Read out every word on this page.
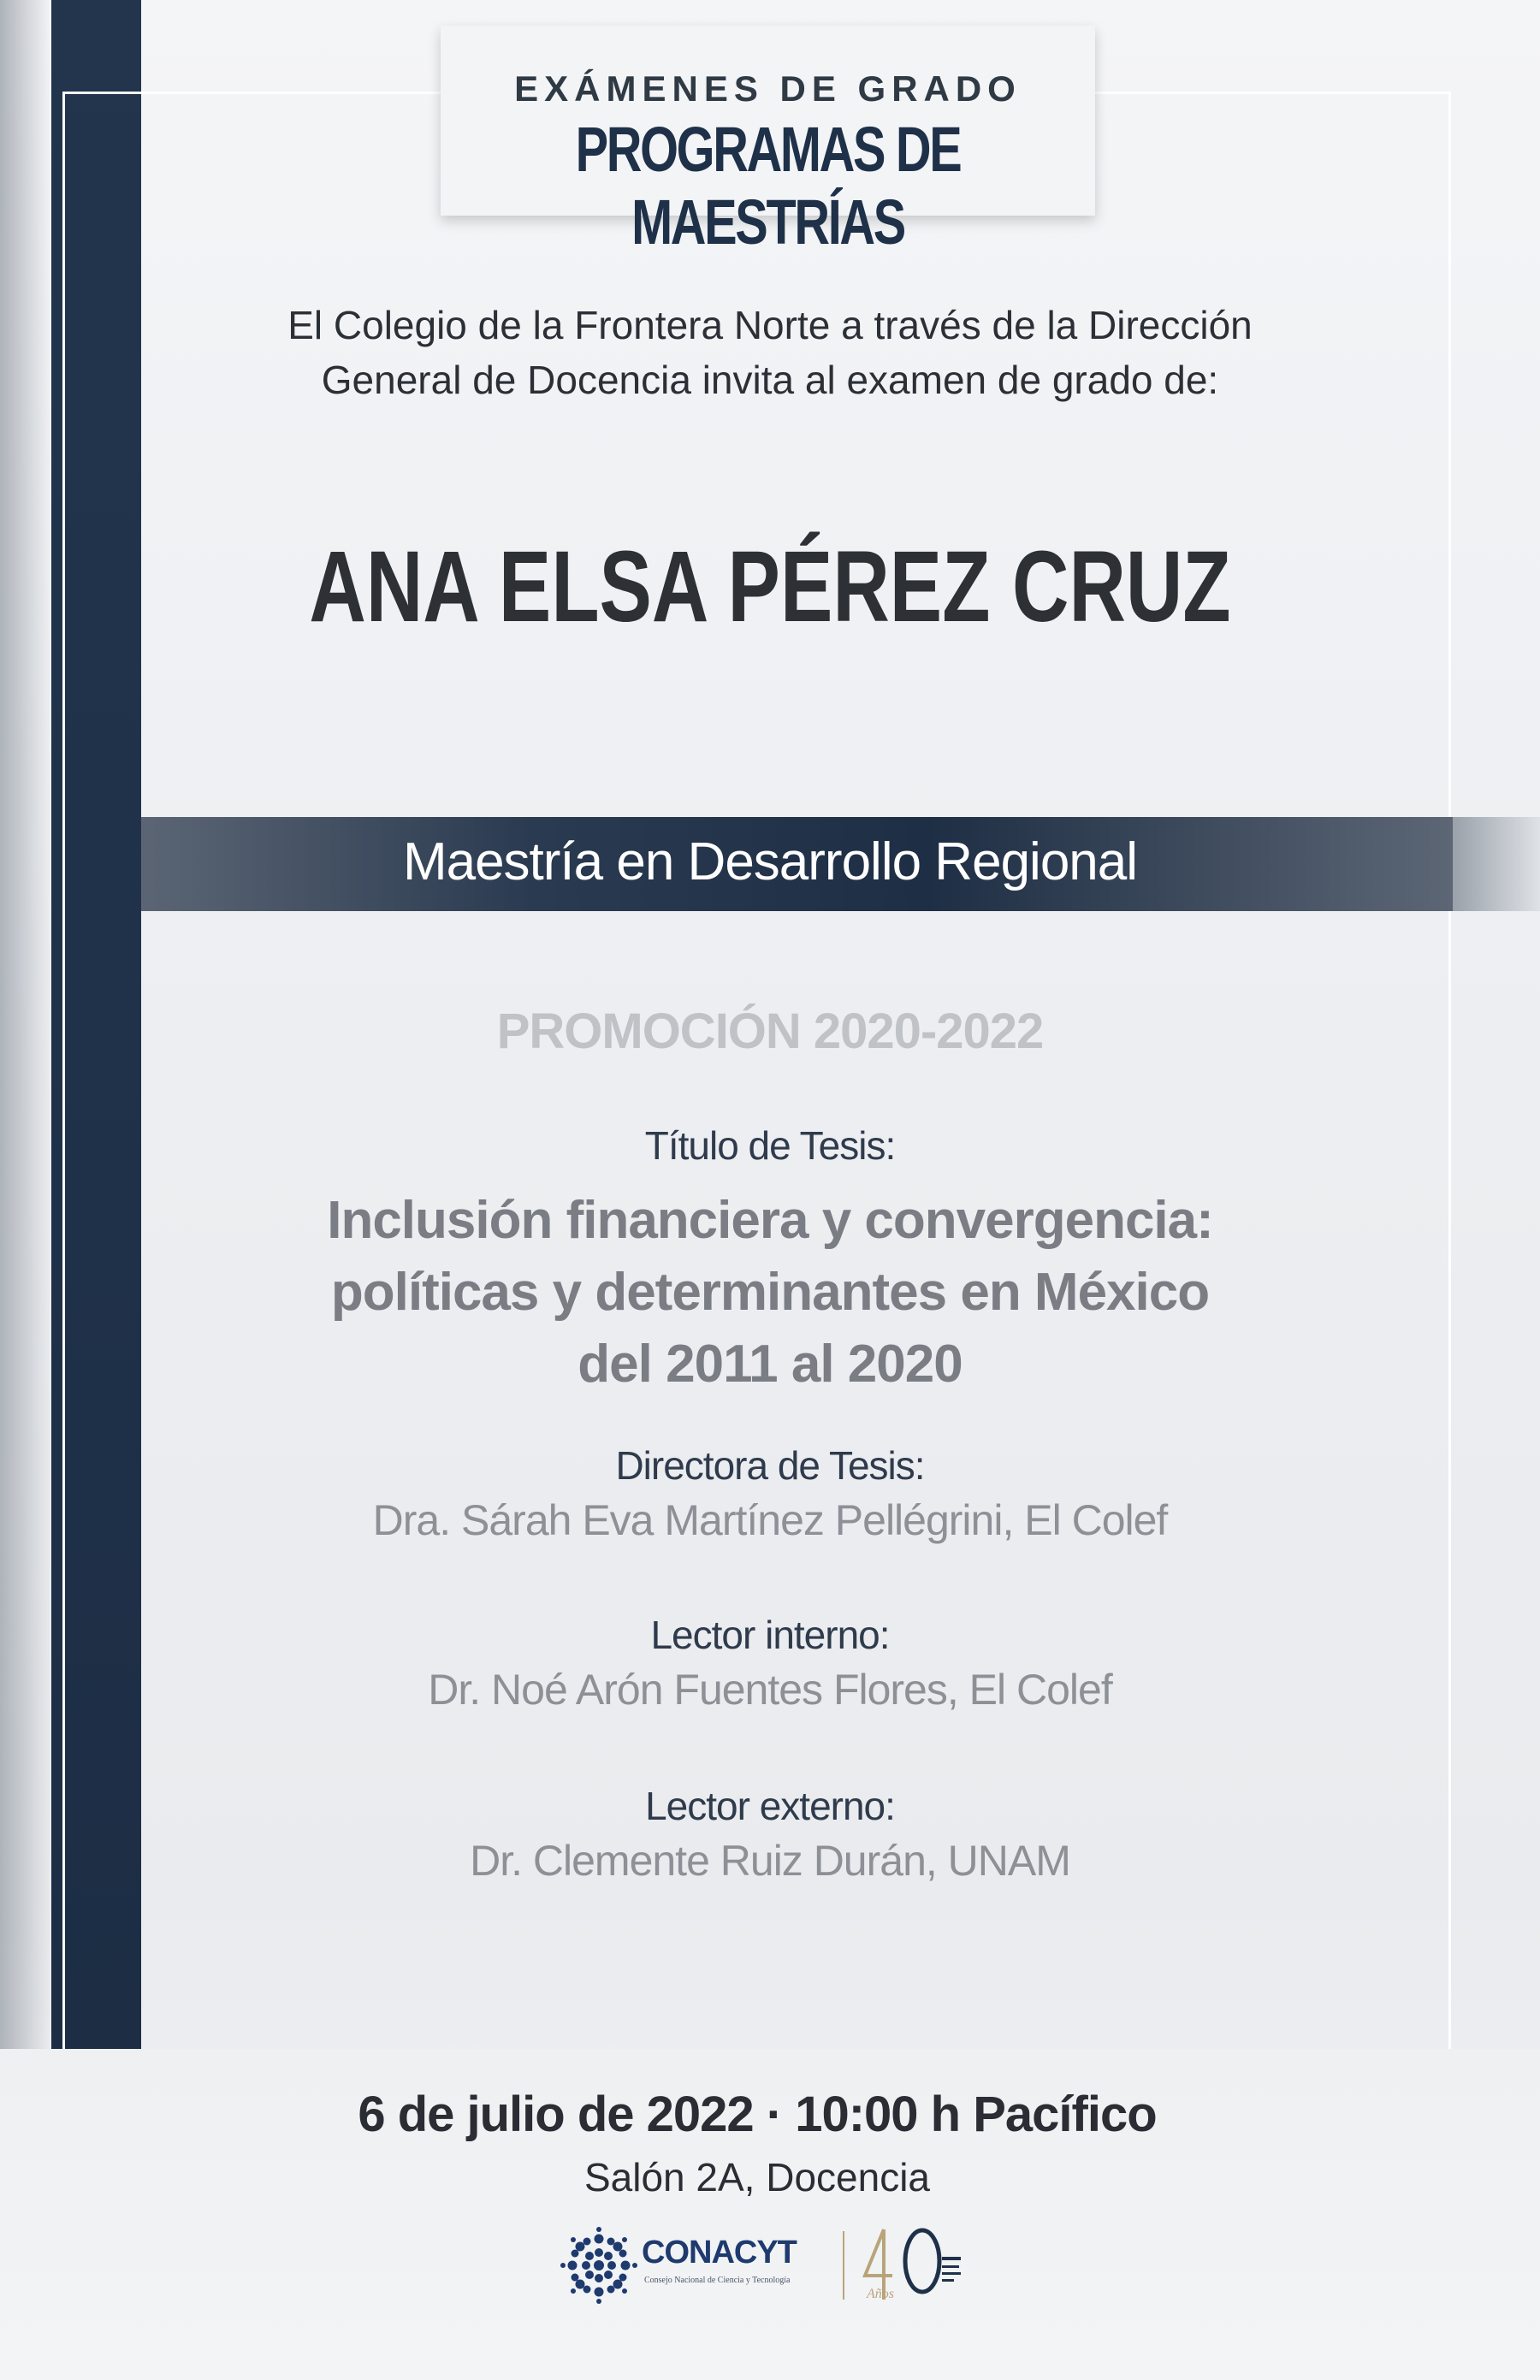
EXÁMENES DE GRADO
PROGRAMAS DE MAESTRÍAS
El Colegio de la Frontera Norte a través de la Dirección
General de Docencia invita al examen de grado de:
ANA ELSA PÉREZ CRUZ
Maestría en Desarrollo Regional
PROMOCIÓN 2020-2022
Título de Tesis:
Inclusión financiera y convergencia:
políticas y determinantes en México
del 2011 al 2020
Directora de Tesis:
Dra. Sárah Eva Martínez Pellégrini, El Colef
Lector interno:
Dr. Noé Arón Fuentes Flores, El Colef
Lector externo:
Dr. Clemente Ruiz Durán, UNAM
6 de julio de 2022 · 10:00 h Pacífico
Salón 2A, Docencia
CONACYT
Consejo Nacional de Ciencia y Tecnología
Años
